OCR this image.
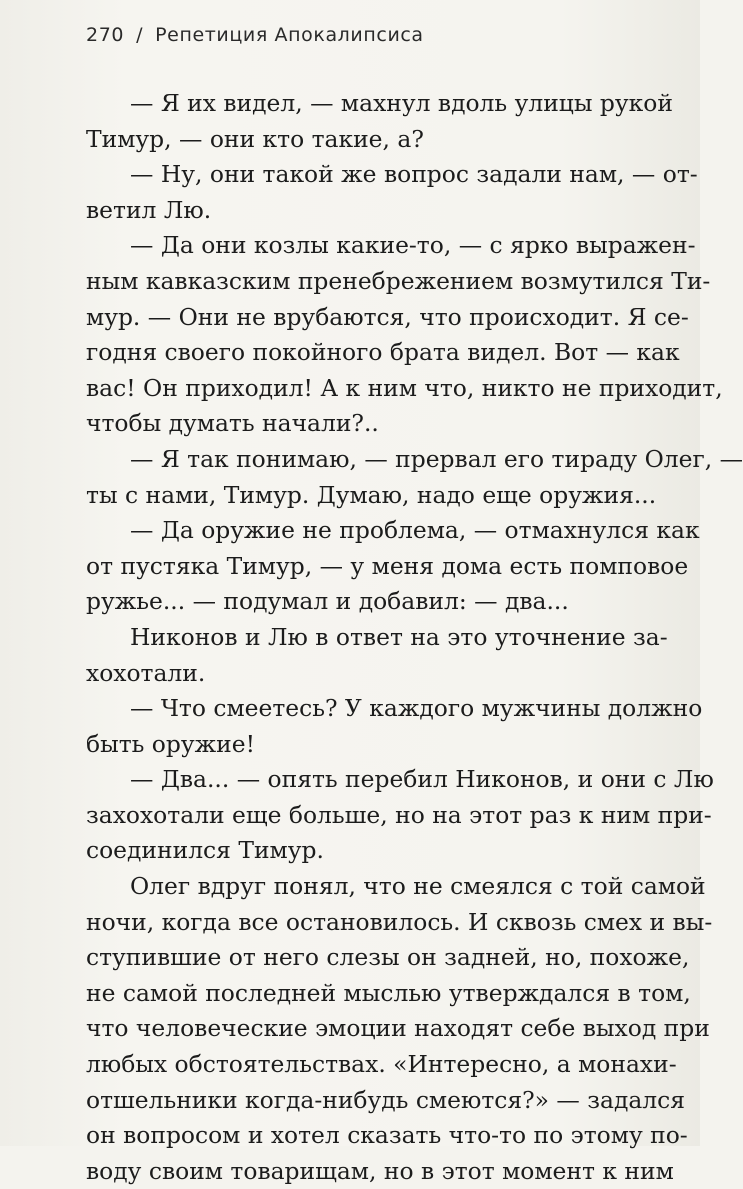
270 / Репетиция Апокалипсиса
— Я их видел, — махнул вдоль улицы рукой
Тимур, — они кто такие, а?
— Ну, они такой же вопрос задали нам, — от-
ветил Лю.
— Да они козлы какие-то, — с ярко выражен-
ным кавказским пренебрежением возмутился Ти-
мур. — Они не врубаются, что происходит. Я се-
годня своего покойного брата видел. Вот — как
вас! Он приходил! А к ним что, никто не приходит,
чтобы думать начали?..
— Я так понимаю, — прервал его тираду Олег, —
ты с нами, Тимур. Думаю, надо еще оружия...
— Да оружие не проблема, — отмахнулся как
от пустяка Тимур, — у меня дома есть помповое
ружье... — подумал и добавил: — два...
Никонов и Лю в ответ на это уточнение за-
хохотали.
— Что смеетесь? У каждого мужчины должно
быть оружие!
— Два... — опять перебил Никонов, и они с Лю
захохотали еще больше, но на этот раз к ним при-
соединился Тимур.
Олег вдруг понял, что не смеялся с той самой
ночи, когда все остановилось. И сквозь смех и вы-
ступившие от него слезы он задней, но, похоже,
не самой последней мыслью утверждался в том,
что человеческие эмоции находят себе выход при
любых обстоятельствах. «Интересно, а монахи-
отшельники когда-нибудь смеются?» — задался
он вопросом и хотел сказать что-то по этому по-
воду своим товарищам, но в этот момент к ним
